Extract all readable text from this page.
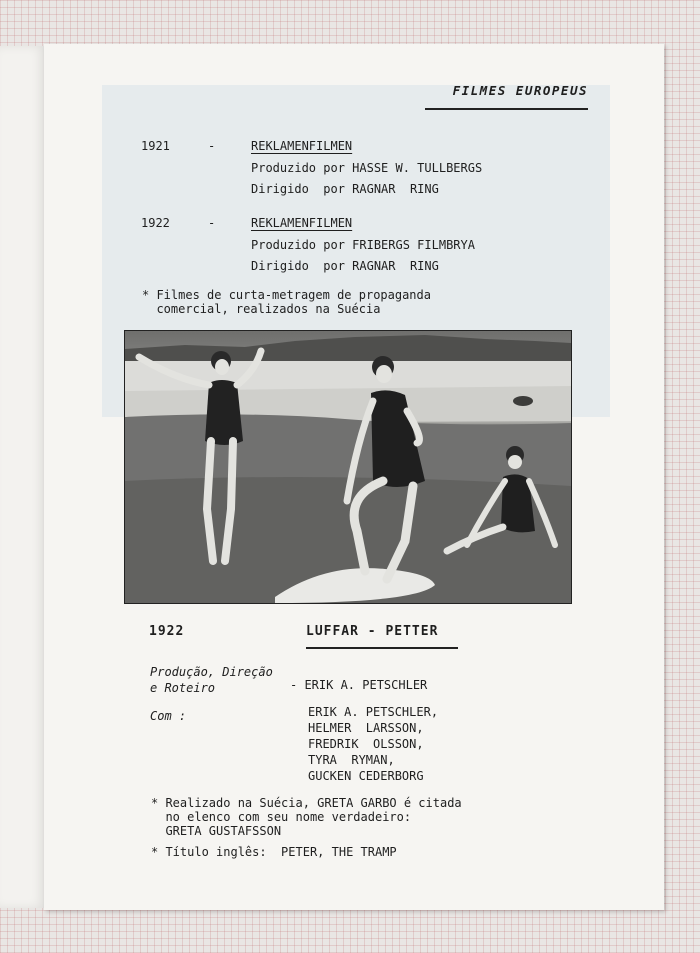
FILMES EUROPEUS
1921	-	REKLAMENFILMEN
Produzido por HASSE W. TULLBERGS
Dirigido  por RAGNAR  RING
1922	-	REKLAMENFILMEN
Produzido por FRIBERGS FILMBRYA
Dirigido  por RAGNAR  RING
* Filmes de curta-metragem de propaganda
comercial, realizados na Suécia
1922	LUFFAR - PETTER
Produção, Direção
e Roteiro	- ERIK A. PETSCHLER
Com :	ERIK A. PETSCHLER,
HELMER  LARSSON,
FREDRIK  OLSSON,
TYRA  RYMAN,
GUCKEN CEDERBORG
* Realizado na Suécia, GRETA GARBO é citada
no elenco com seu nome verdadeiro:
GRETA GUSTAFSSON
* Título inglês:  PETER, THE TRAMP
